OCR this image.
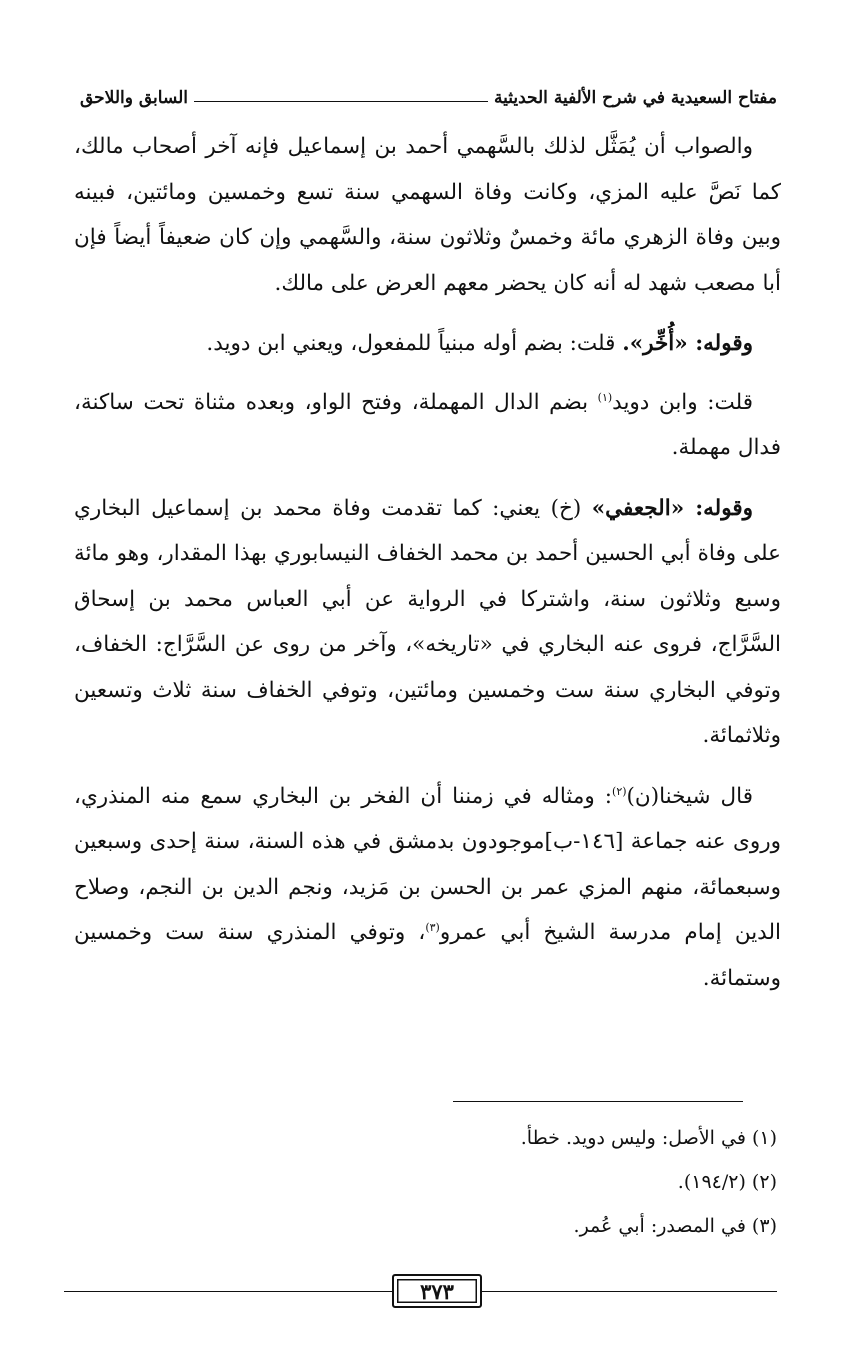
مفتاح السعيدية في شرح الألفية الحديثية
السابق واللاحق

والصواب أن يُمَثَّل لذلك بالسَّهمي أحمد بن إسماعيل فإنه آخر أصحاب مالك، كما نَصَّ عليه المزي، وكانت وفاة السهمي سنة تسع وخمسين ومائتين، فبينه وبين وفاة الزهري مائة وخمسٌ وثلاثون سنة، والسَّهمي وإن كان ضعيفاً أيضاً فإن أبا مصعب شهد له أنه كان يحضر معهم العرض على مالك.

وقوله: «أُخِّر». قلت: بضم أوله مبنياً للمفعول، ويعني ابن دويد.

قلت: وابن دويد$^{(١)}$ بضم الدال المهملة، وفتح الواو، وبعده مثناة تحت ساكنة، فدال مهملة.

وقوله: «الجعفي» (خ) يعني: كما تقدمت وفاة محمد بن إسماعيل البخاري على وفاة أبي الحسين أحمد بن محمد الخفاف النيسابوري بهذا المقدار، وهو مائة وسبع وثلاثون سنة، واشتركا في الرواية عن أبي العباس محمد بن إسحاق السَّرَّاج، فروى عنه البخاري في «تاريخه»، وآخر من روى عن السَّرَّاج: الخفاف، وتوفي البخاري سنة ست وخمسين ومائتين، وتوفي الخفاف سنة ثلاث وتسعين وثلاثمائة.

قال شيخنا(ن)$^{(٢)}$: ومثاله في زمننا أن الفخر بن البخاري سمع منه المنذري، وروى عنه جماعة [١٤٦-ب]موجودون بدمشق في هذه السنة، سنة إحدى وسبعين وسبعمائة، منهم المزي عمر بن الحسن بن مَزيد، ونجم الدين بن النجم، وصلاح الدين إمام مدرسة الشيخ أبي عمرو$^{(٣)}$، وتوفي المنذري سنة ست وخمسين وستمائة.

(١) في الأصل: وليس دويد. خطأ.

(٢) (١٩٤/٢).

(٣) في المصدر: أبي عُمر.

٣٧٣
